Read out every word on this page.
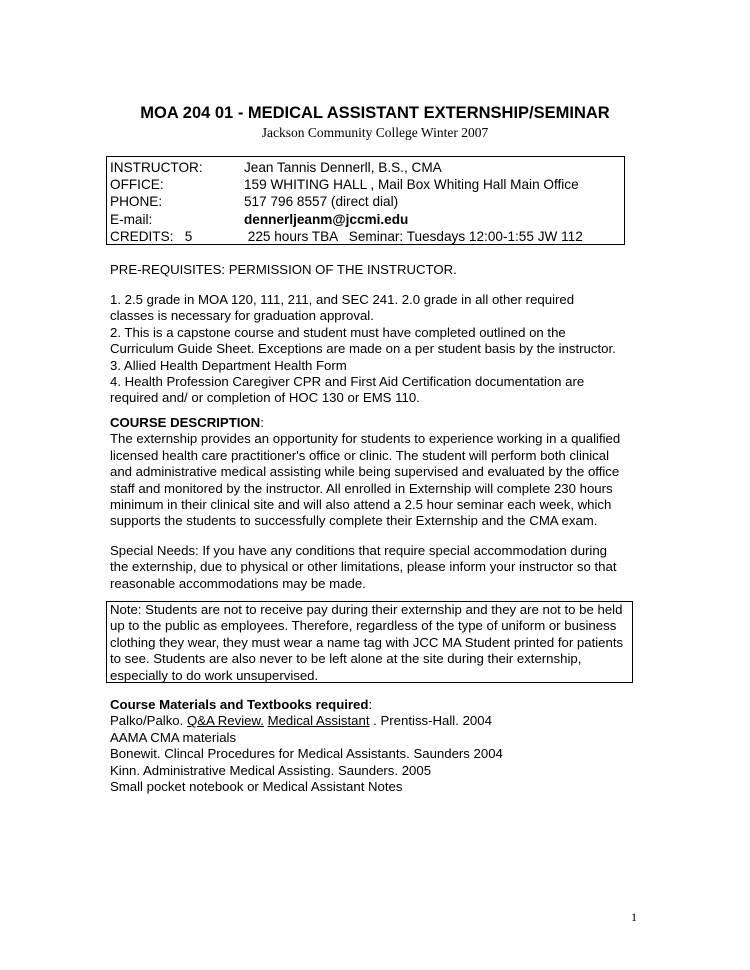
MOA 204 01 - MEDICAL ASSISTANT EXTERNSHIP/SEMINAR
Jackson Community College Winter 2007
INSTRUCTOR:	Jean Tannis Dennerll, B.S., CMA
OFFICE:	159 WHITING HALL , Mail Box Whiting Hall Main Office
PHONE:	517 796 8557 (direct dial)
E-mail:	dennerljeanm@jccmi.edu
CREDITS:   5	225 hours TBA   Seminar: Tuesdays 12:00-1:55 JW 112
PRE-REQUISITES: PERMISSION OF THE INSTRUCTOR.

1. 2.5 grade in MOA 120, 111, 211, and SEC 241. 2.0 grade in all other required

classes is necessary for graduation approval.

2. This is a capstone course and student must have completed outlined on the

Curriculum Guide Sheet. Exceptions are made on a per student basis by the instructor.

3. Allied Health Department Health Form

4. Health Profession Caregiver CPR and First Aid Certification documentation are

required and/ or completion of HOC 130 or EMS 110.

COURSE DESCRIPTION:

The externship provides an opportunity for students to experience working in a qualified

licensed health care practitioner's office or clinic. The student will perform both clinical

and administrative medical assisting while being supervised and evaluated by the office

staff and monitored by the instructor. All enrolled in Externship will complete 230 hours

minimum in their clinical site and will also attend a 2.5 hour seminar each week, which

supports the students to successfully complete their Externship and the CMA exam.

Special Needs: If you have any conditions that require special accommodation during

the externship, due to physical or other limitations, please inform your instructor so that

reasonable accommodations may be made.

Note: Students are not to receive pay during their externship and they are not to be held

up to the public as employees. Therefore, regardless of the type of uniform or business

clothing they wear, they must wear a name tag with JCC MA Student printed for patients

to see. Students are also never to be left alone at the site during their externship,

especially to do work unsupervised.

Course Materials and Textbooks required:

Palko/Palko. Q&A Review. Medical Assistant . Prentiss-Hall. 2004

AAMA CMA materials

Bonewit. Clincal Procedures for Medical Assistants. Saunders 2004

Kinn. Administrative Medical Assisting. Saunders. 2005

Small pocket notebook or Medical Assistant Notes

1
